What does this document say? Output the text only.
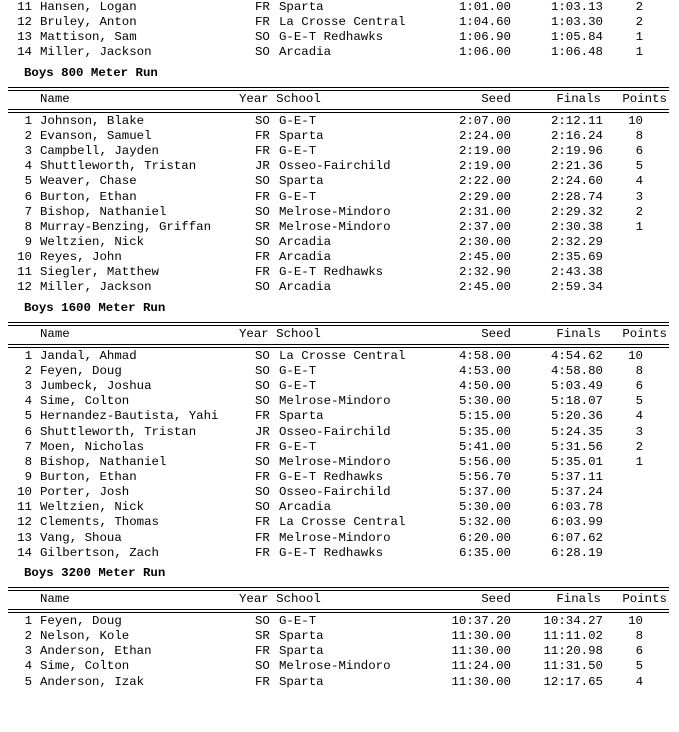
11 Hansen, Logan	FR Sparta	1:01.00	1:03.13	2
12 Bruley, Anton	FR La Crosse Central	1:04.60	1:03.30	2
13 Mattison, Sam	SO G-E-T Redhawks	1:06.90	1:05.84	1
14 Miller, Jackson	SO Arcadia	1:06.00	1:06.48	1
Boys 800 Meter Run
Name	Year School	Seed	Finals Points
1 Johnson, Blake	SO G-E-T	2:07.00	2:12.11 10
2 Evanson, Samuel	FR Sparta	2:24.00	2:16.24	8
3 Campbell, Jayden	FR G-E-T	2:19.00	2:19.96	6
4 Shuttleworth, Tristan	JR Osseo-Fairchild	2:19.00	2:21.36	5
5 Weaver, Chase	SO Sparta	2:22.00	2:24.60	4
6 Burton, Ethan	FR G-E-T	2:29.00	2:28.74	3
7 Bishop, Nathaniel	SO Melrose-Mindoro	2:31.00	2:29.32	2
8 Murray-Benzing, Griffan	SR Melrose-Mindoro	2:37.00	2:30.38	1
9 Weltzien, Nick	SO Arcadia	2:30.00	2:32.29
10 Reyes, John	FR Arcadia	2:45.00	2:35.69
11 Siegler, Matthew	FR G-E-T Redhawks	2:32.90	2:43.38
12 Miller, Jackson	SO Arcadia	2:45.00	2:59.34
Boys 1600 Meter Run
Name	Year School	Seed	Finals Points
1 Jandal, Ahmad	SO La Crosse Central	4:58.00	4:54.62 10
2 Feyen, Doug	SO G-E-T	4:53.00	4:58.80	8
3 Jumbeck, Joshua	SO G-E-T	4:50.00	5:03.49	6
4 Sime, Colton	SO Melrose-Mindoro	5:30.00	5:18.07	5
5 Hernandez-Bautista, Yahi	FR Sparta	5:15.00	5:20.36	4
6 Shuttleworth, Tristan	JR Osseo-Fairchild	5:35.00	5:24.35	3
7 Moen, Nicholas	FR G-E-T	5:41.00	5:31.56	2
8 Bishop, Nathaniel	SO Melrose-Mindoro	5:56.00	5:35.01	1
9 Burton, Ethan	FR G-E-T Redhawks	5:56.70	5:37.11
10 Porter, Josh	SO Osseo-Fairchild	5:37.00	5:37.24
11 Weltzien, Nick	SO Arcadia	5:30.00	6:03.78
12 Clements, Thomas	FR La Crosse Central	5:32.00	6:03.99
13 Vang, Shoua	FR Melrose-Mindoro	6:20.00	6:07.62
14 Gilbertson, Zach	FR G-E-T Redhawks	6:35.00	6:28.19
Boys 3200 Meter Run
Name	Year School	Seed	Finals Points
1 Feyen, Doug	SO G-E-T	10:37.20	10:34.27 10
2 Nelson, Kole	SR Sparta	11:30.00	11:11.02	8
3 Anderson, Ethan	FR Sparta	11:30.00	11:20.98	6
4 Sime, Colton	SO Melrose-Mindoro	11:24.00	11:31.50	5
5 Anderson, Izak	FR Sparta	11:30.00	12:17.65	4
